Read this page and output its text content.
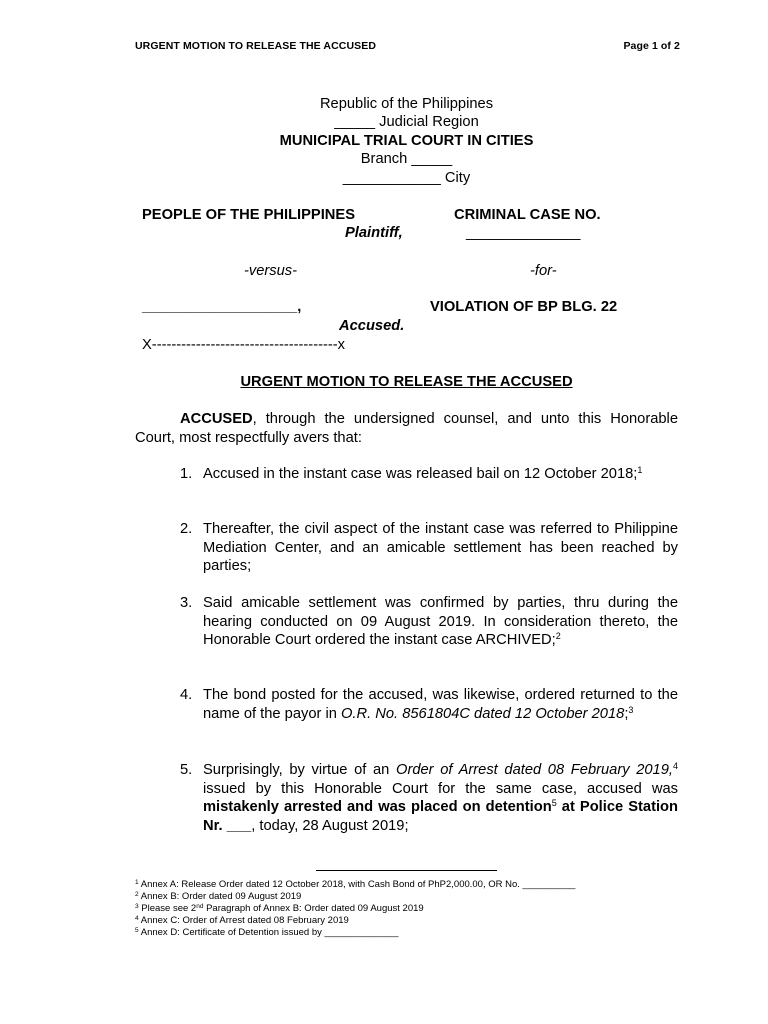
URGENT MOTION TO RELEASE THE ACCUSED	Page 1 of 2
Republic of the Philippines
_____ Judicial Region
MUNICIPAL TRIAL COURT IN CITIES
Branch _____
____________ City
PEOPLE OF THE PHILIPPINES	CRIMINAL CASE NO.
Plaintiff,	______________
-versus-	-for-
___________________,	VIOLATION OF BP BLG. 22
Accused.
X--------------------------------------x
URGENT MOTION TO RELEASE THE ACCUSED
ACCUSED, through the undersigned counsel, and unto this Honorable Court, most respectfully avers that:
1. Accused in the instant case was released bail on 12 October 2018;$^1$
2. Thereafter, the civil aspect of the instant case was referred to Philippine Mediation Center, and an amicable settlement has been reached by parties;
3. Said amicable settlement was confirmed by parties, thru during the hearing conducted on 09 August 2019. In consideration thereto, the Honorable Court ordered the instant case ARCHIVED;$^2$
4. The bond posted for the accused, was likewise, ordered returned to the name of the payor in O.R. No. 8561804C dated 12 October 2018;$^3$
5. Surprisingly, by virtue of an Order of Arrest dated 08 February 2019,$^4$ issued by this Honorable Court for the same case, accused was mistakenly arrested and was placed on detention$^5$ at Police Station Nr. ___, today, 28 August 2019;
$^1$ Annex A: Release Order dated 12 October 2018, with Cash Bond of PhP2,000.00, OR No. __________
$^2$ Annex B: Order dated 09 August 2019
$^3$ Please see 2nd Paragraph of Annex B: Order dated 09 August 2019
$^4$ Annex C: Order of Arrest dated 08 February 2019
$^5$ Annex D: Certificate of Detention issued by ______________
